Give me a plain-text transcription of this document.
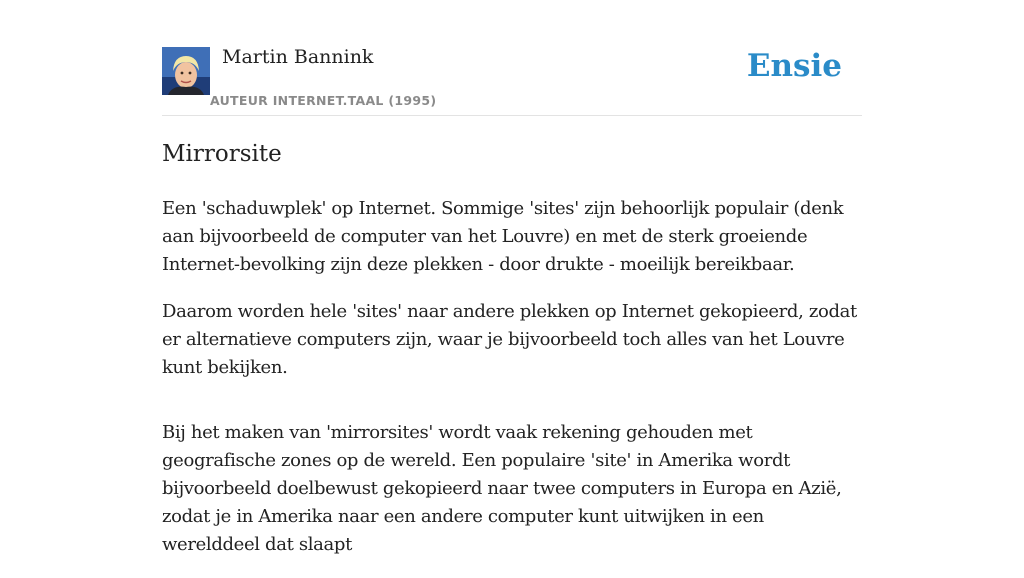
Martin Bannink
AUTEUR INTERNET.TAAL (1995)
Ensie
Mirrorsite

Een 'schaduwplek' op Internet. Sommige 'sites' zijn behoorlijk populair (denk aan bijvoorbeeld de computer van het Louvre) en met de sterk groeiende Internet-bevolking zijn deze plekken - door drukte - moeilijk bereikbaar.

Daarom worden hele 'sites' naar andere plekken op Internet gekopieerd, zodat er alternatieve computers zijn, waar je bijvoorbeeld toch alles van het Louvre kunt bekijken.

Bij het maken van 'mirrorsites' wordt vaak rekening gehouden met geografische zones op de wereld. Een populaire 'site' in Amerika wordt bijvoorbeeld doelbewust gekopieerd naar twee computers in Europa en Azië, zodat je in Amerika naar een andere computer kunt uitwijken in een werelddeel dat slaapt
